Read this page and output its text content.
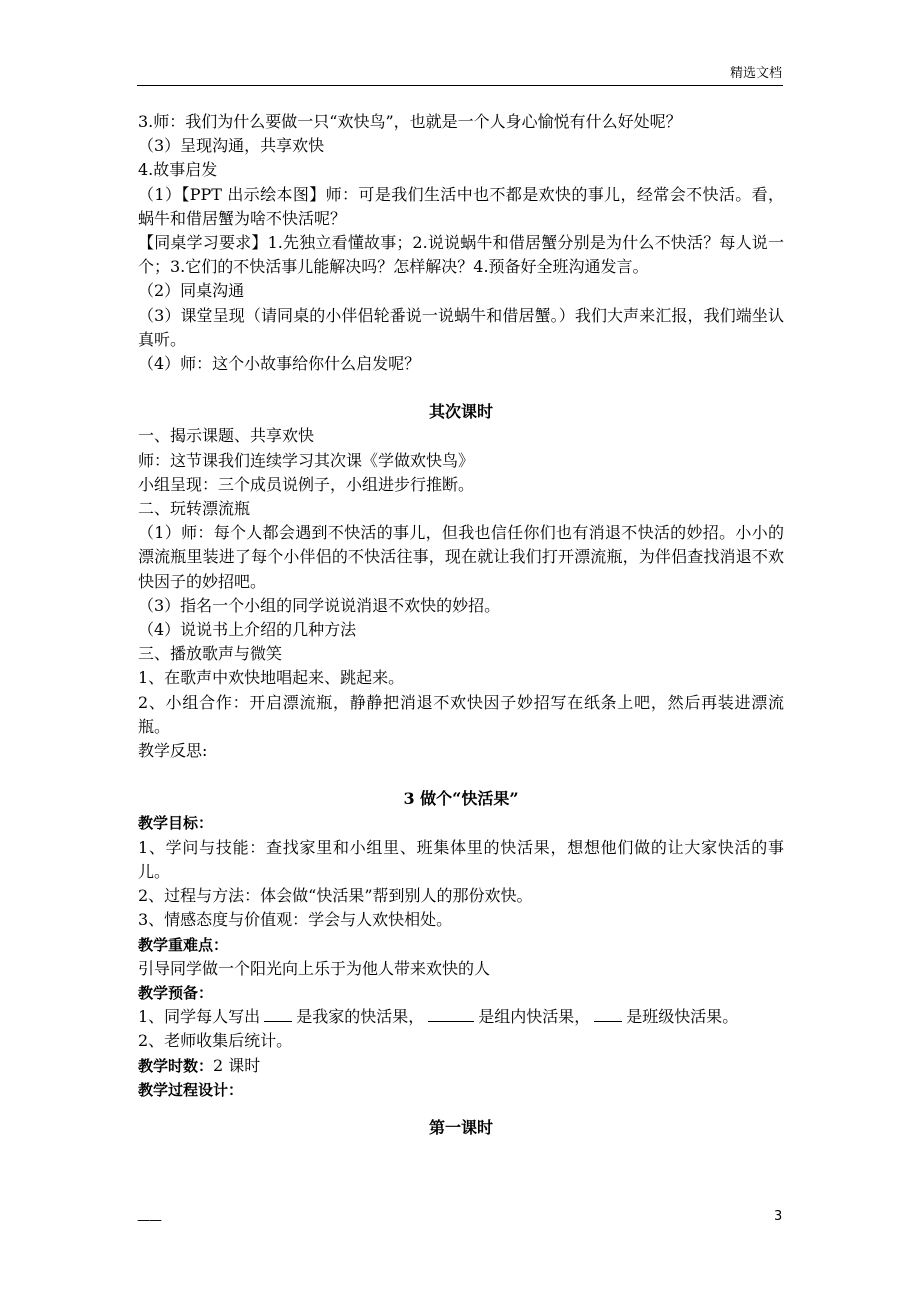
精选文档

3.师：我们为什么要做一只“欢快鸟”，也就是一个人身心愉悦有什么好处呢？

（3）呈现沟通，共享欢快

4.故事启发

（1）【PPT 出示绘本图】师：可是我们生活中也不都是欢快的事儿，经常会不快活。看，蜗牛和借居蟹为啥不快活呢？

【同桌学习要求】1.先独立看懂故事；2.说说蜗牛和借居蟹分别是为什么不快活？每人说一个；3.它们的不快活事儿能解决吗？怎样解决？4.预备好全班沟通发言。

（2）同桌沟通

（3）课堂呈现（请同桌的小伴侣轮番说一说蜗牛和借居蟹。）我们大声来汇报，我们端坐认真听。

（4）师：这个小故事给你什么启发呢？

其次课时

一、揭示课题、共享欢快

师：这节课我们连续学习其次课《学做欢快鸟》

小组呈现：三个成员说例子，小组进步行推断。

二、玩转漂流瓶

（1）师：每个人都会遇到不快活的事儿，但我也信任你们也有消退不快活的妙招。小小的漂流瓶里装进了每个小伴侣的不快活往事，现在就让我们打开漂流瓶，为伴侣查找消退不欢快因子的妙招吧。

（3）指名一个小组的同学说说消退不欢快的妙招。

（4）说说书上介绍的几种方法

三、播放歌声与微笑

1、在歌声中欢快地唱起来、跳起来。

2、小组合作：开启漂流瓶，静静把消退不欢快因子妙招写在纸条上吧，然后再装进漂流瓶。

教学反思:

3 做个“快活果”

教学目标：

1、学问与技能：查找家里和小组里、班集体里的快活果，想想他们做的让大家快活的事儿。

2、过程与方法：体会做“快活果”帮到别人的那份欢快。

3、情感态度与价值观：学会与人欢快相处。

教学重难点：

引导同学做一个阳光向上乐于为他人带来欢快的人

教学预备：

1、同学每人写出 是我家的快活果，	是组内快活果， 是班级快活果。

2、老师收集后统计。

教学时数：2 课时

教学过程设计：

第一课时

——	3
